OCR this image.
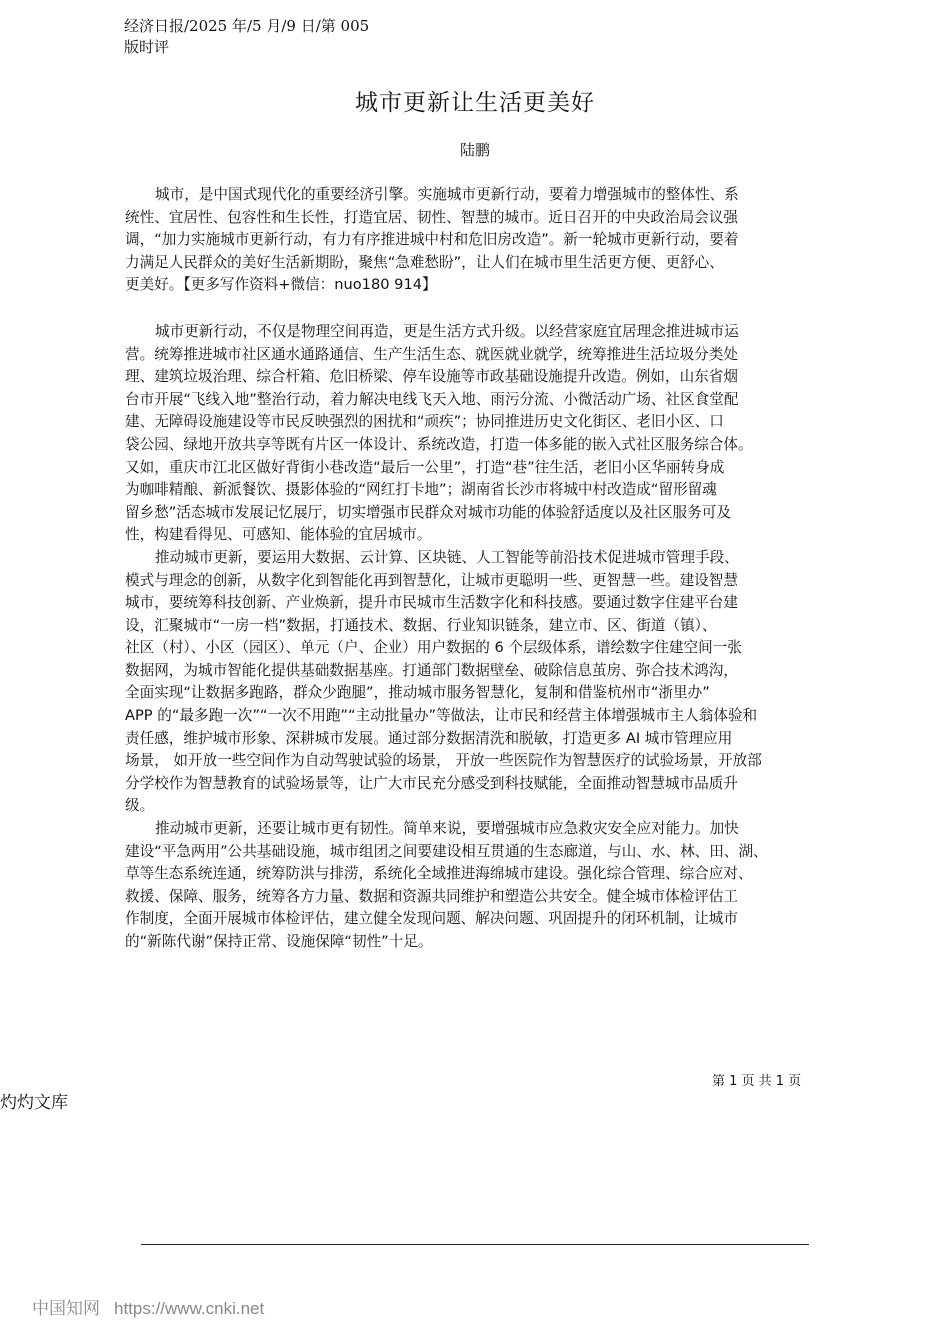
经济日报/2025 年/5 月/9 日/第 005
版时评
城市更新让生活更美好
陆鹏
城市，是中国式现代化的重要经济引擎。实施城市更新行动，要着力增强城市的整体性、系
统性、宜居性、包容性和生长性，打造宜居、韧性、智慧的城市。近日召开的中央政治局会议强
调，“加力实施城市更新行动，有力有序推进城中村和危旧房改造”。新一轮城市更新行动，要着
力满足人民群众的美好生活新期盼，聚焦“急难愁盼”，让人们在城市里生活更方便、更舒心、
更美好。【更多写作资料+微信：nuo180 914】
城市更新行动，不仅是物理空间再造，更是生活方式升级。以经营家庭宜居理念推进城市运
营。统筹推进城市社区通水通路通信、生产生活生态、就医就业就学，统筹推进生活垃圾分类处
理、建筑垃圾治理、综合杆箱、危旧桥梁、停车设施等市政基础设施提升改造。例如，山东省烟
台市开展“飞线入地”整治行动，着力解决电线飞天入地、雨污分流、小微活动广场、社区食堂配
建、无障碍设施建设等市民反映强烈的困扰和“顽疾”；协同推进历史文化街区、老旧小区、口
袋公园、绿地开放共享等既有片区一体设计、系统改造，打造一体多能的嵌入式社区服务综合体。
又如，重庆市江北区做好背街小巷改造“最后一公里”，打造“巷”往生活，老旧小区华丽转身成
为咖啡精酿、新派餐饮、摄影体验的“网红打卡地”；湖南省长沙市将城中村改造成“留形留魂
留乡愁”活态城市发展记忆展厅，切实增强市民群众对城市功能的体验舒适度以及社区服务可及
性，构建看得见、可感知、能体验的宜居城市。
推动城市更新，要运用大数据、云计算、区块链、人工智能等前沿技术促进城市管理手段、
模式与理念的创新，从数字化到智能化再到智慧化，让城市更聪明一些、更智慧一些。建设智慧
城市，要统筹科技创新、产业焕新，提升市民城市生活数字化和科技感。要通过数字住建平台建
设，汇聚城市“一房一档”数据，打通技术、数据、行业知识链条，建立市、区、街道（镇）、
社区（村）、小区（园区）、单元（户、企业）用户数据的 6 个层级体系，谱绘数字住建空间一张
数据网，为城市智能化提供基础数据基座。打通部门数据壁垒、破除信息茧房、弥合技术鸿沟，
全面实现“让数据多跑路，群众少跑腿”，推动城市服务智慧化，复制和借鉴杭州市“浙里办”
APP 的“最多跑一次”“一次不用跑”“主动批量办”等做法，让市民和经营主体增强城市主人翁体验和
责任感，维护城市形象、深耕城市发展。通过部分数据清洗和脱敏，打造更多 AI 城市管理应用
场景， 如开放一些空间作为自动驾驶试验的场景， 开放一些医院作为智慧医疗的试验场景，开放部
分学校作为智慧教育的试验场景等，让广大市民充分感受到科技赋能，全面推动智慧城市品质升
级。
推动城市更新，还要让城市更有韧性。简单来说，要增强城市应急救灾安全应对能力。加快
建设“平急两用”公共基础设施，城市组团之间要建设相互贯通的生态廊道，与山、水、林、田、湖、
草等生态系统连通，统筹防洪与排涝，系统化全域推进海绵城市建设。强化综合管理、综合应对、
救援、保障、服务，统筹各方力量、数据和资源共同维护和塑造公共安全。健全城市体检评估工
作制度，全面开展城市体检评估，建立健全发现问题、解决问题、巩固提升的闭环机制，让城市
的“新陈代谢”保持正常、设施保障“韧性”十足。
第 1 页 共 1 页
灼灼文库
中国知网 https://www.cnki.net
